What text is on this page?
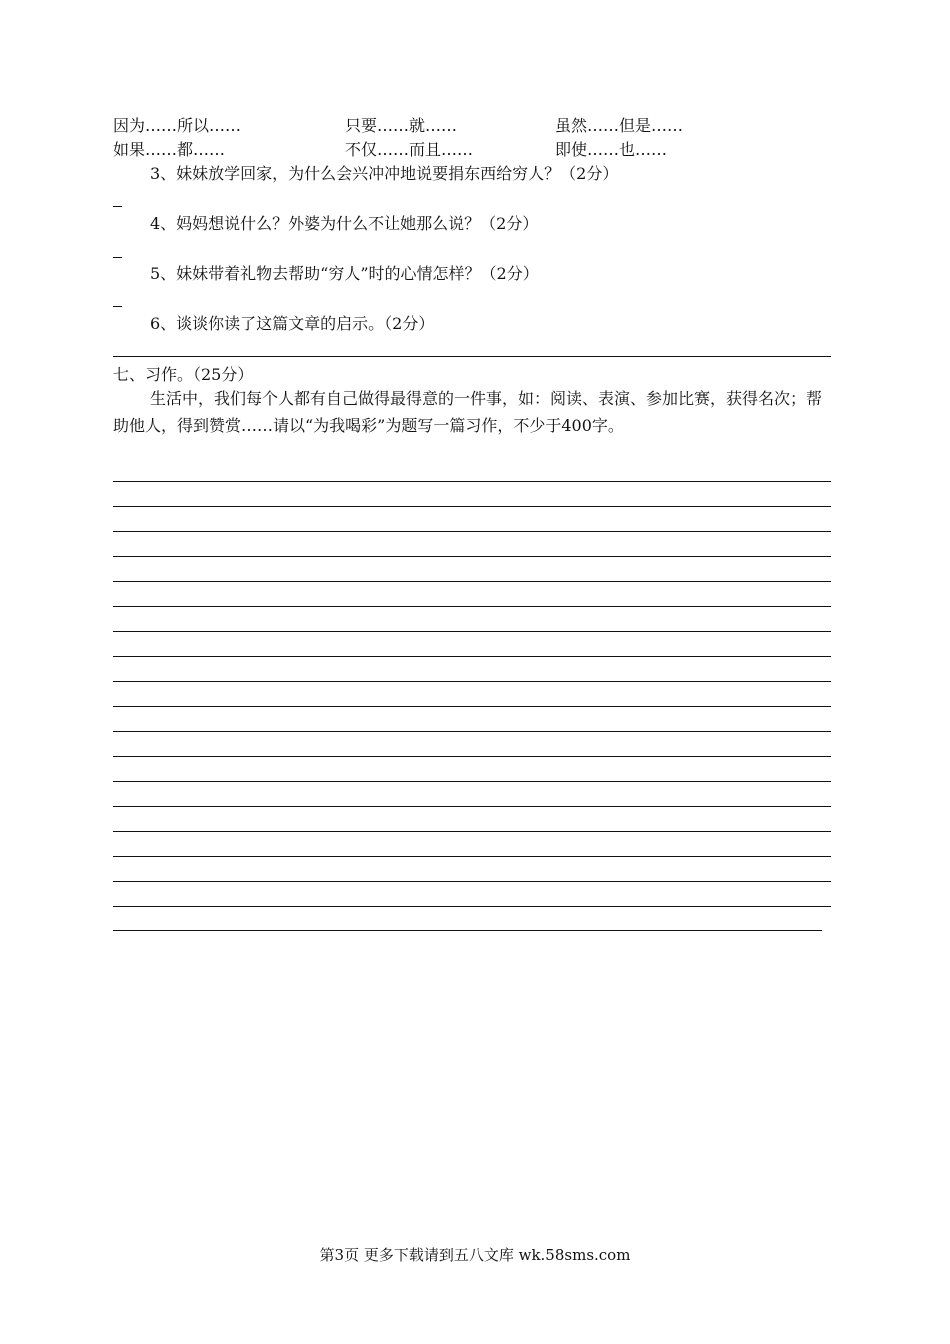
因为……所以……	只要……就……	虽然……但是……
如果……都……	不仅……而且……	即使……也……
3、妹妹放学回家，为什么会兴冲冲地说要捐东西给穷人？（2分）
4、妈妈想说什么？外婆为什么不让她那么说？（2分）
5、妹妹带着礼物去帮助“穷人”时的心情怎样？（2分）
6、谈谈你读了这篇文章的启示。（2分）
七、习作。（25分）
生活中，我们每个人都有自己做得最得意的一件事，如：阅读、表演、参加比赛，获得名次；帮助他人，得到赞赏……请以“为我喝彩”为题写一篇习作，不少于400字。
第3页 更多下载请到五八文库 wk.58sms.com
